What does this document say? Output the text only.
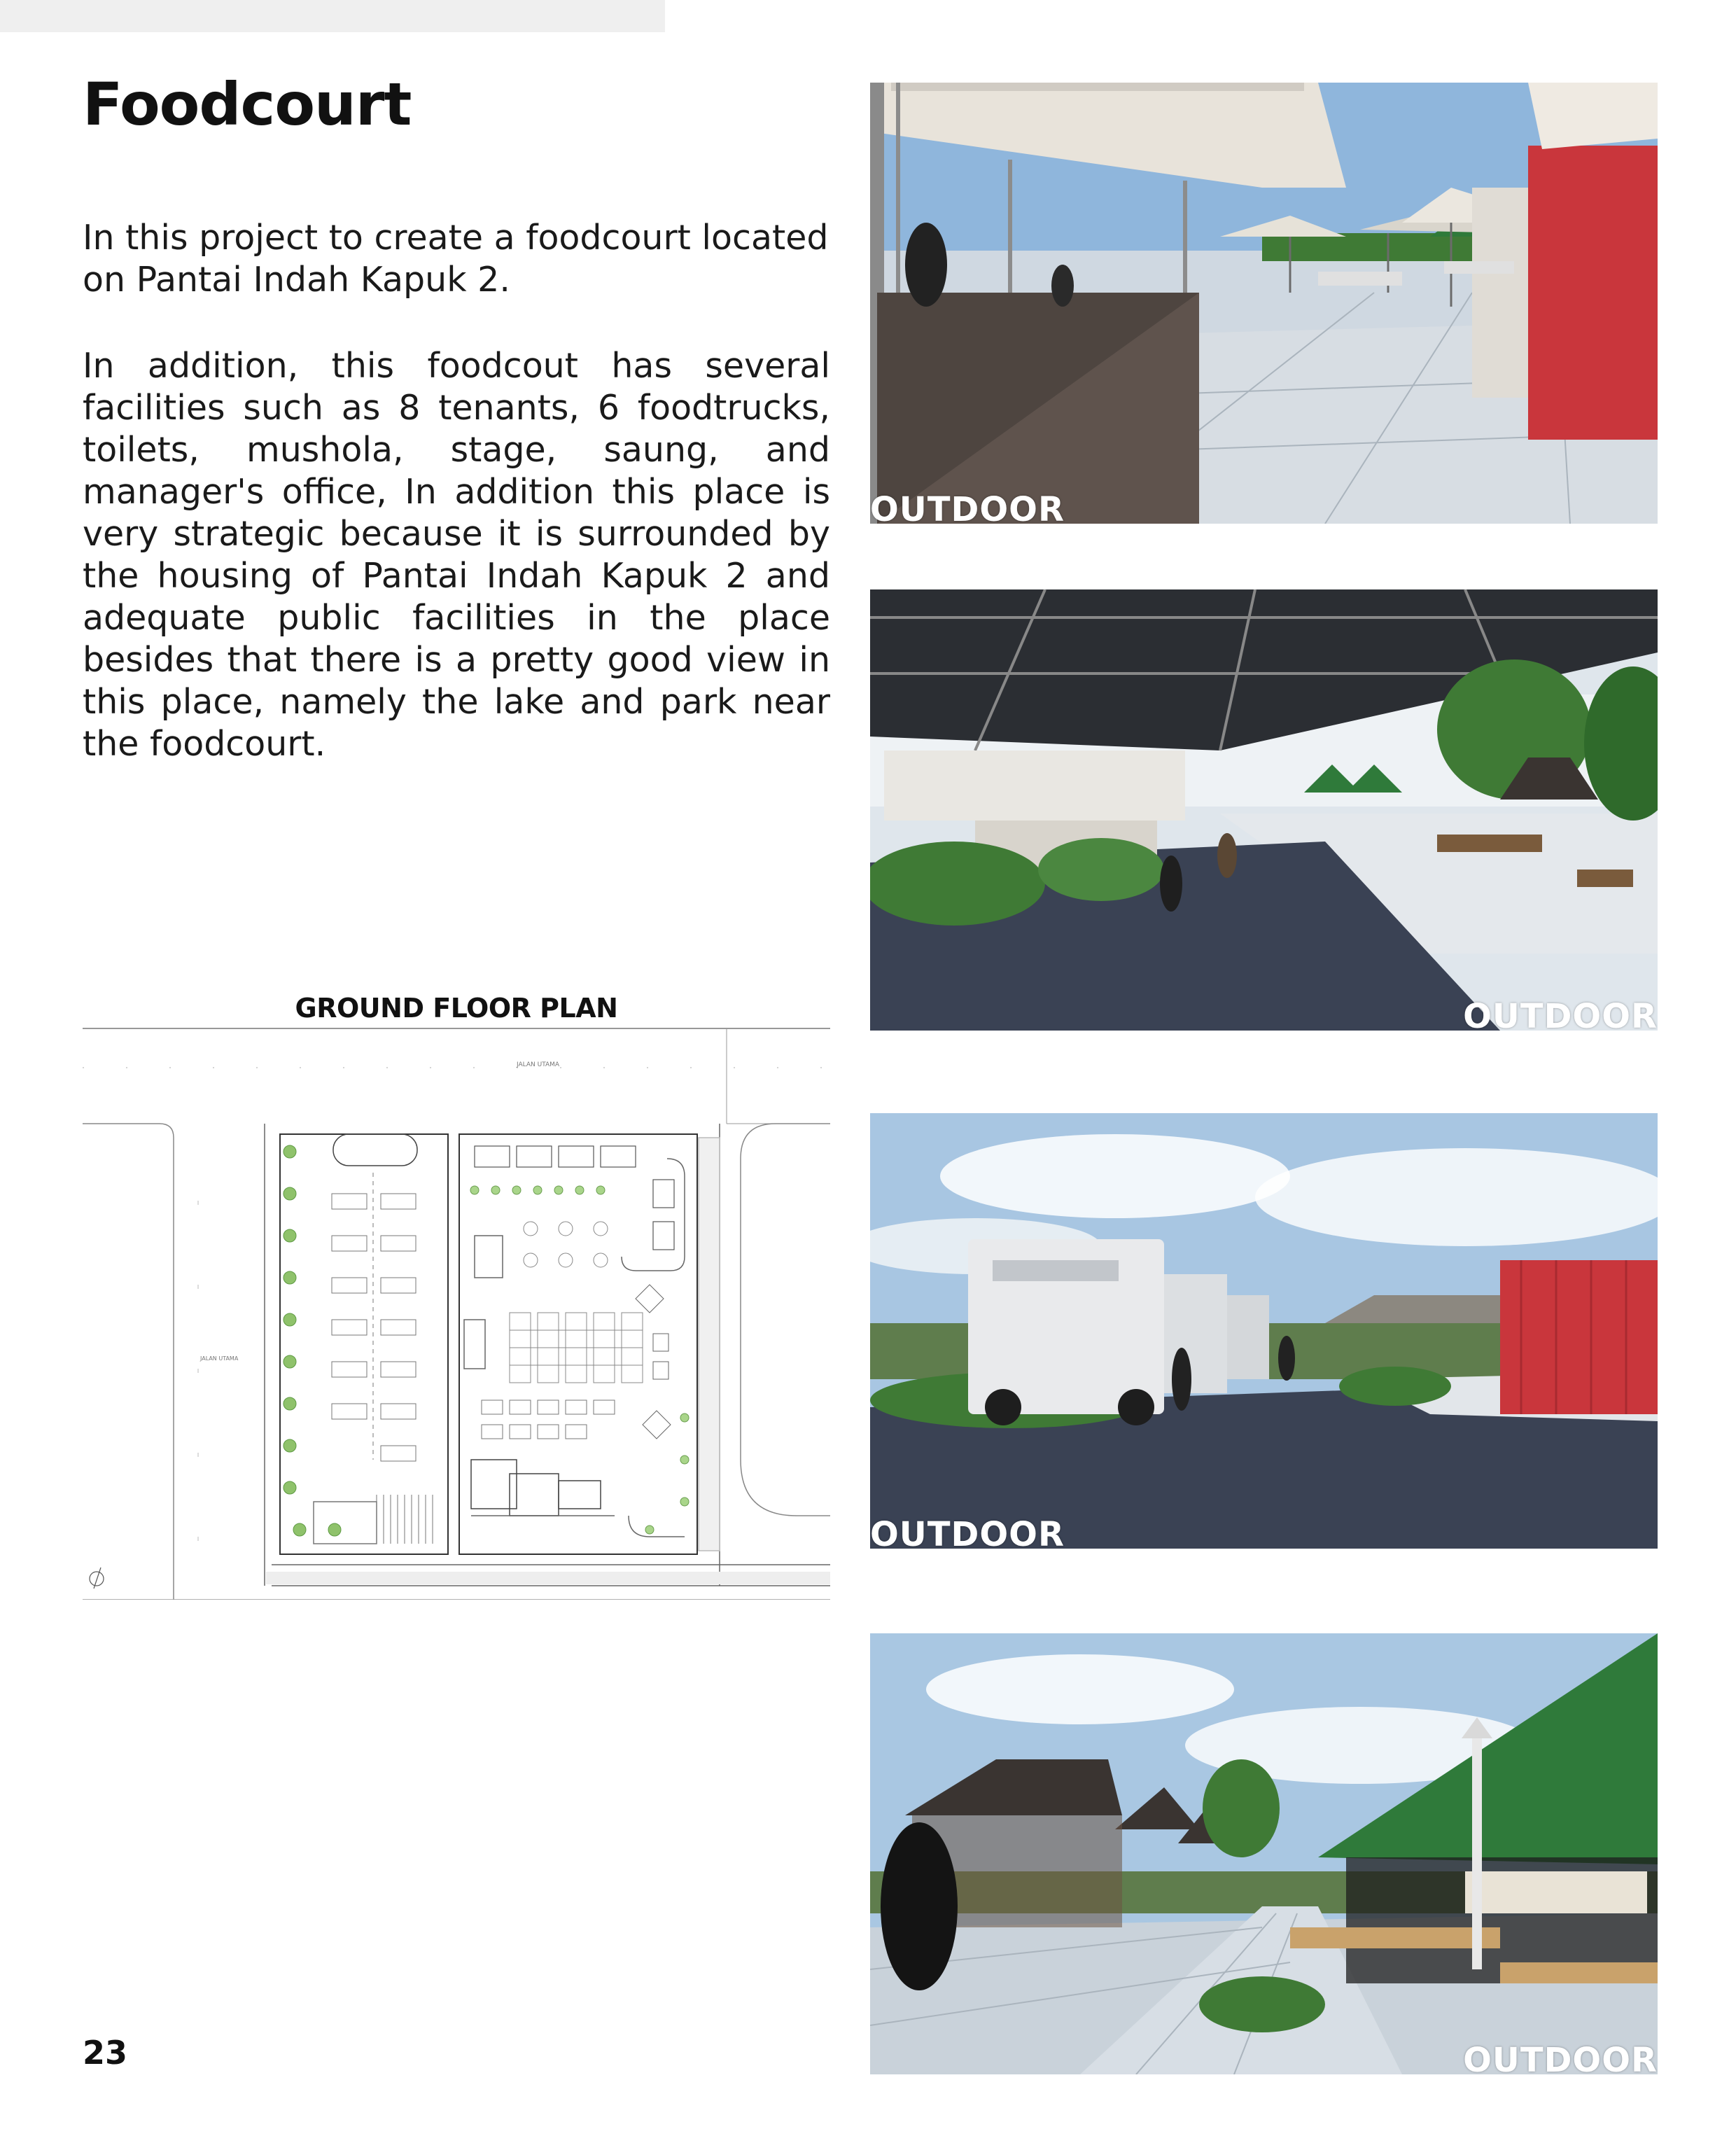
Foodcourt

In this project to create a foodcourt located on Pantai Indah Kapuk 2.

In addition, this foodcout has several facilities such as 8 tenants, 6 foodtrucks, toilets, mushola, stage, saung, and manager's office, In addition this place is very strategic because it is surrounded by the housing of Pantai Indah Kapuk 2 and adequate public facilities in the place besides that there is a pretty good view in this place, namely the lake and park near the foodcourt.

GROUND FLOOR PLAN
JALAN UTAMA
JALAN UTAMA
23
OUTDOOR
OUTDOOR
OUTDOOR
OUTDOOR
